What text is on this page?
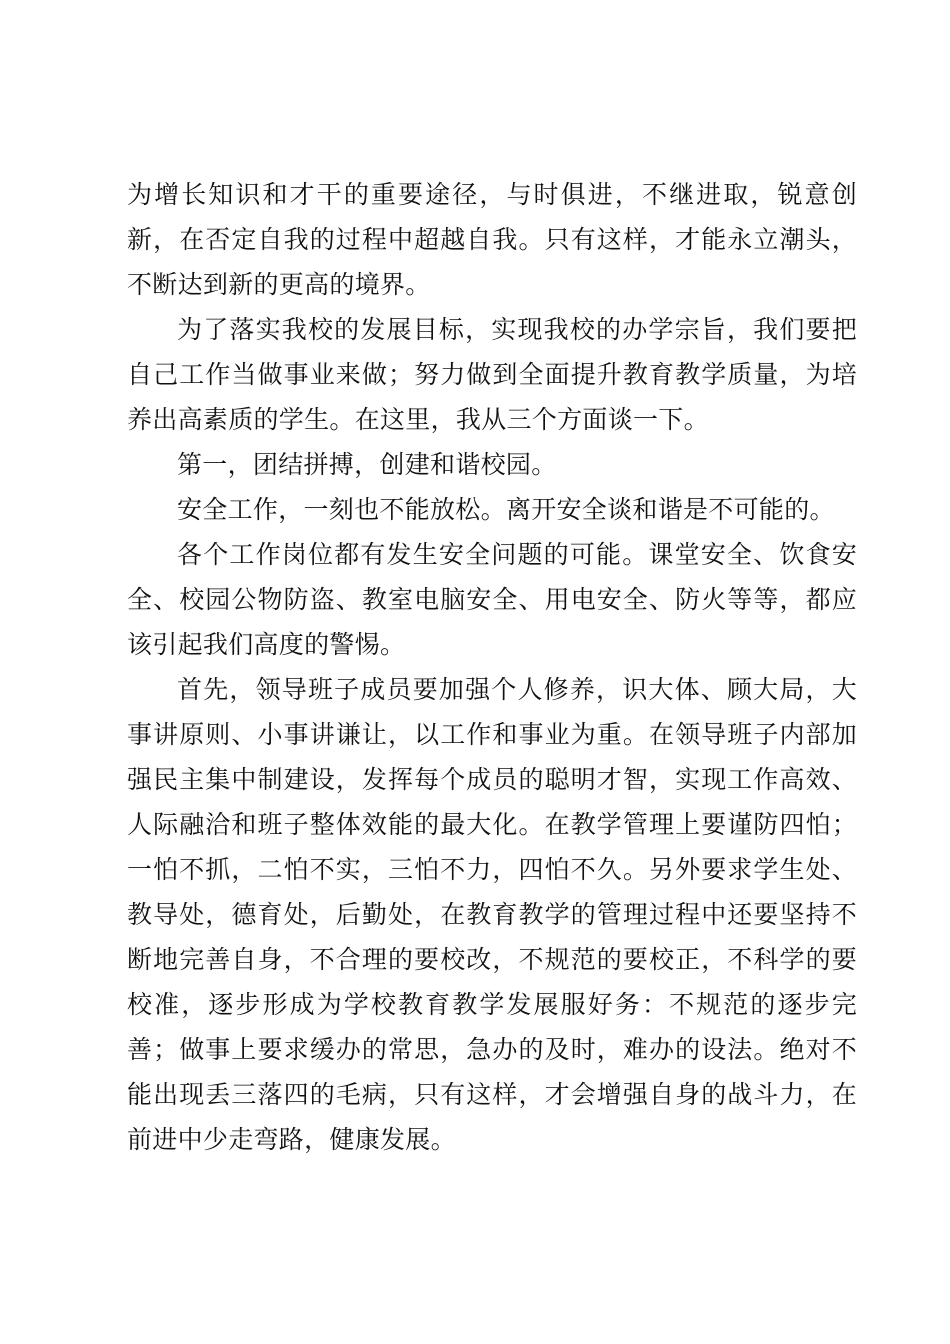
为增长知识和才干的重要途径，与时俱进，不继进取，锐意创新，在否定自我的过程中超越自我。只有这样，才能永立潮头，不断达到新的更高的境界。

为了落实我校的发展目标，实现我校的办学宗旨，我们要把自己工作当做事业来做；努力做到全面提升教育教学质量，为培养出高素质的学生。在这里，我从三个方面谈一下。

第一，团结拼搏，创建和谐校园。

安全工作，一刻也不能放松。离开安全谈和谐是不可能的。

各个工作岗位都有发生安全问题的可能。课堂安全、饮食安全、校园公物防盗、教室电脑安全、用电安全、防火等等，都应该引起我们高度的警惕。

首先，领导班子成员要加强个人修养，识大体、顾大局，大事讲原则、小事讲谦让，以工作和事业为重。在领导班子内部加强民主集中制建设，发挥每个成员的聪明才智，实现工作高效、人际融洽和班子整体效能的最大化。在教学管理上要谨防四怕；一怕不抓，二怕不实，三怕不力，四怕不久。另外要求学生处、教导处，德育处，后勤处，在教育教学的管理过程中还要坚持不断地完善自身，不合理的要校改，不规范的要校正，不科学的要校准，逐步形成为学校教育教学发展服好务：不规范的逐步完善；做事上要求缓办的常思，急办的及时，难办的设法。绝对不能出现丢三落四的毛病，只有这样，才会增强自身的战斗力，在前进中少走弯路，健康发展。
